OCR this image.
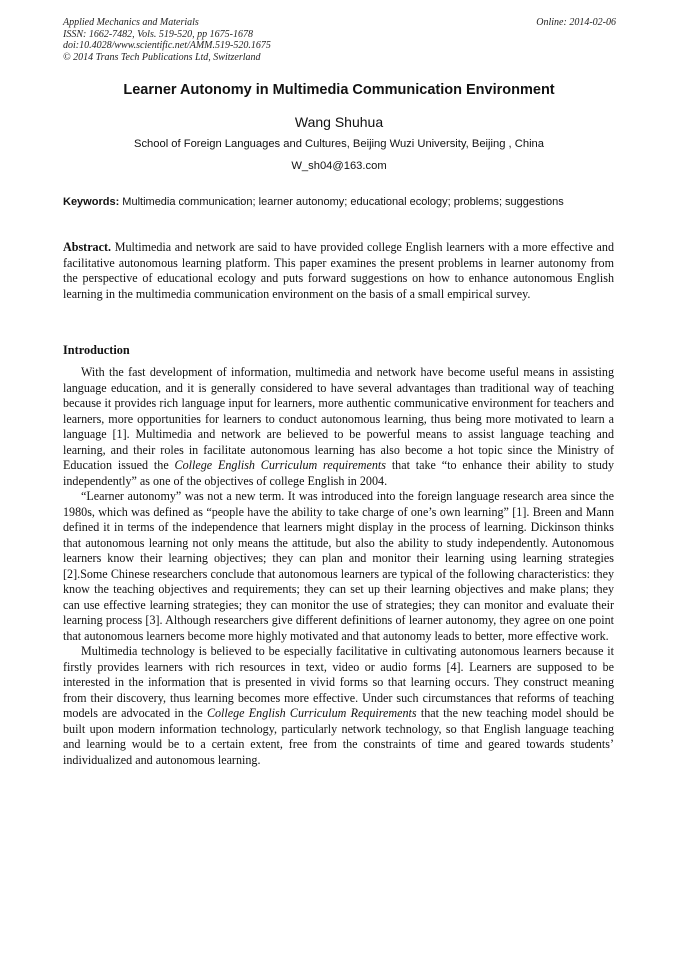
Applied Mechanics and Materials
ISSN: 1662-7482, Vols. 519-520, pp 1675-1678
doi:10.4028/www.scientific.net/AMM.519-520.1675
© 2014 Trans Tech Publications Ltd, Switzerland
Online: 2014-02-06
Learner Autonomy in Multimedia Communication Environment
Wang Shuhua
School of Foreign Languages and Cultures, Beijing Wuzi University, Beijing , China
W_sh04@163.com
Keywords: Multimedia communication; learner autonomy; educational ecology; problems; suggestions
Abstract. Multimedia and network are said to have provided college English learners with a more effective and facilitative autonomous learning platform. This paper examines the present problems in learner autonomy from the perspective of educational ecology and puts forward suggestions on how to enhance autonomous English learning in the multimedia communication environment on the basis of a small empirical survey.
Introduction

With the fast development of information, multimedia and network have become useful means in assisting language education, and it is generally considered to have several advantages than traditional way of teaching because it provides rich language input for learners, more authentic communicative environment for teachers and learners, more opportunities for learners to conduct autonomous learning, thus being more motivated to learn a language [1]. Multimedia and network are believed to be powerful means to assist language teaching and learning, and their roles in facilitate autonomous learning has also become a hot topic since the Ministry of Education issued the College English Curriculum requirements that take “to enhance their ability to study independently” as one of the objectives of college English in 2004.

“Learner autonomy” was not a new term. It was introduced into the foreign language research area since the 1980s, which was defined as “people have the ability to take charge of one’s own learning” [1]. Breen and Mann defined it in terms of the independence that learners might display in the process of learning. Dickinson thinks that autonomous learning not only means the attitude, but also the ability to study independently. Autonomous learners know their learning objectives; they can plan and monitor their learning using learning strategies [2].Some Chinese researchers conclude that autonomous learners are typical of the following characteristics: they know the teaching objectives and requirements; they can set up their learning objectives and make plans; they can use effective learning strategies; they can monitor the use of strategies; they can monitor and evaluate their learning process [3]. Although researchers give different definitions of learner autonomy, they agree on one point that autonomous learners become more highly motivated and that autonomy leads to better, more effective work.

Multimedia technology is believed to be especially facilitative in cultivating autonomous learners because it firstly provides learners with rich resources in text, video or audio forms [4]. Learners are supposed to be interested in the information that is presented in vivid forms so that learning occurs. They construct meaning from their discovery, thus learning becomes more effective. Under such circumstances that reforms of teaching models are advocated in the College English Curriculum Requirements that the new teaching model should be built upon modern information technology, particularly network technology, so that English language teaching and learning would be to a certain extent, free from the constraints of time and geared towards students’ individualized and autonomous learning.
